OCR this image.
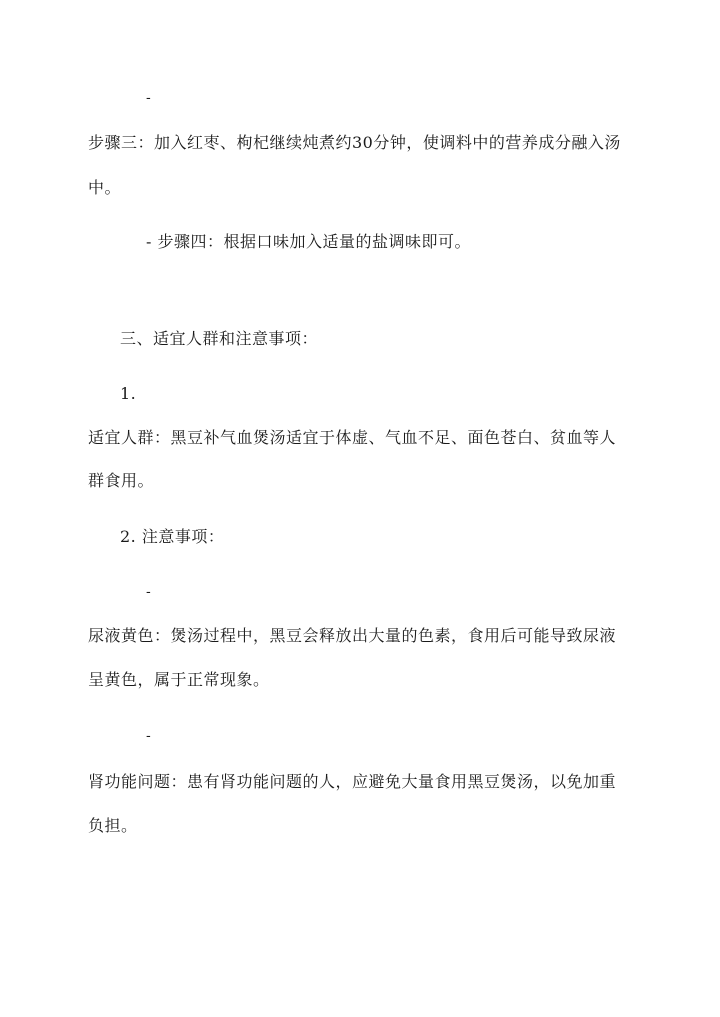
-
步骤三：加入红枣、枸杞继续炖煮约30分钟，使调料中的营养成分融入汤
中。
- 步骤四：根据口味加入适量的盐调味即可。
三、适宜人群和注意事项：
1.
适宜人群：黑豆补气血煲汤适宜于体虚、气血不足、面色苍白、贫血等人
群食用。
2. 注意事项：
-
尿液黄色：煲汤过程中，黑豆会释放出大量的色素，食用后可能导致尿液
呈黄色，属于正常现象。
-
肾功能问题：患有肾功能问题的人，应避免大量食用黑豆煲汤，以免加重
负担。
